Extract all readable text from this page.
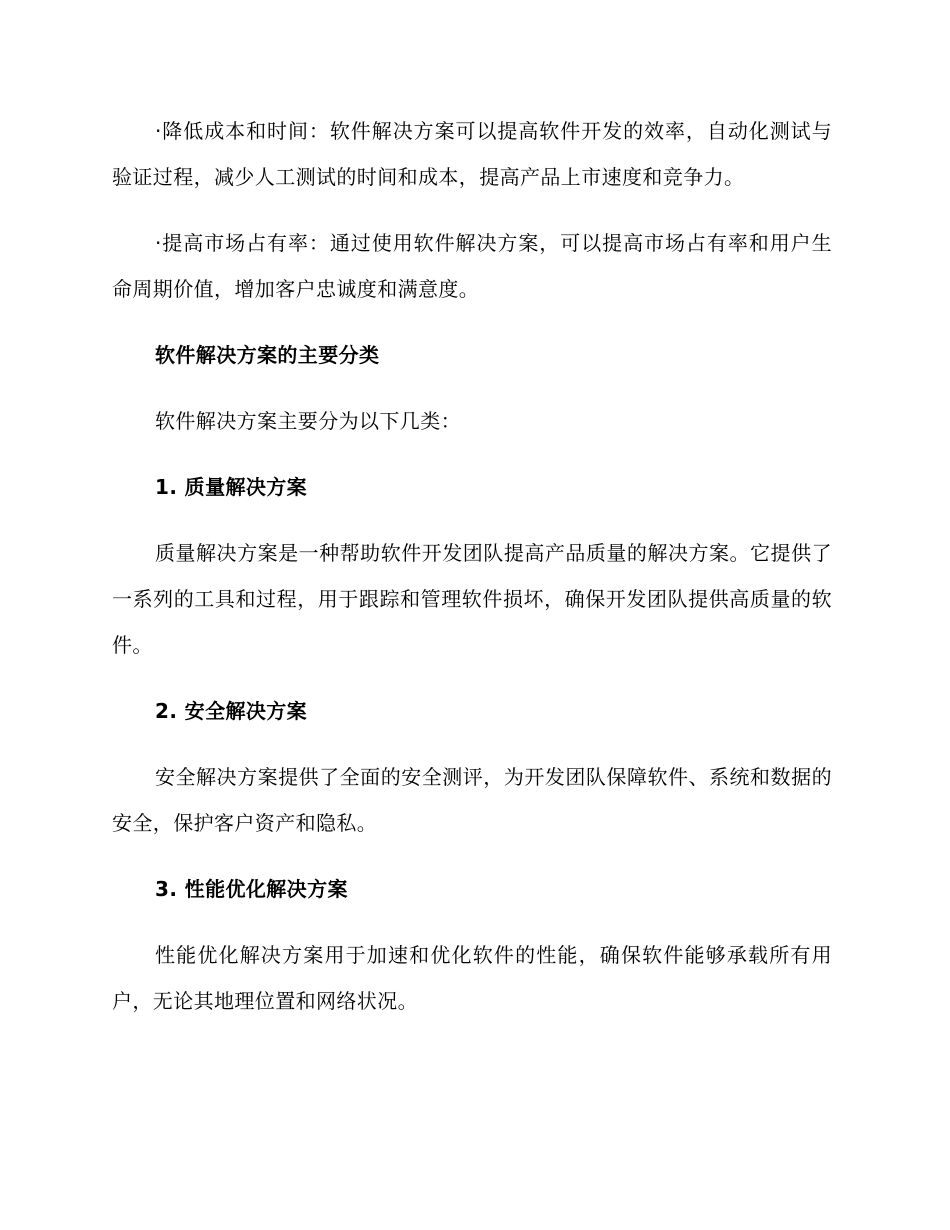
·降低成本和时间：软件解决方案可以提高软件开发的效率，自动化测试与验证过程，减少人工测试的时间和成本，提高产品上市速度和竞争力。

·提高市场占有率：通过使用软件解决方案，可以提高市场占有率和用户生命周期价值，增加客户忠诚度和满意度。

软件解决方案的主要分类

软件解决方案主要分为以下几类：

1. 质量解决方案

质量解决方案是一种帮助软件开发团队提高产品质量的解决方案。它提供了一系列的工具和过程，用于跟踪和管理软件损坏，确保开发团队提供高质量的软件。

2. 安全解决方案

安全解决方案提供了全面的安全测评，为开发团队保障软件、系统和数据的安全，保护客户资产和隐私。

3. 性能优化解决方案

性能优化解决方案用于加速和优化软件的性能，确保软件能够承载所有用户，无论其地理位置和网络状况。
